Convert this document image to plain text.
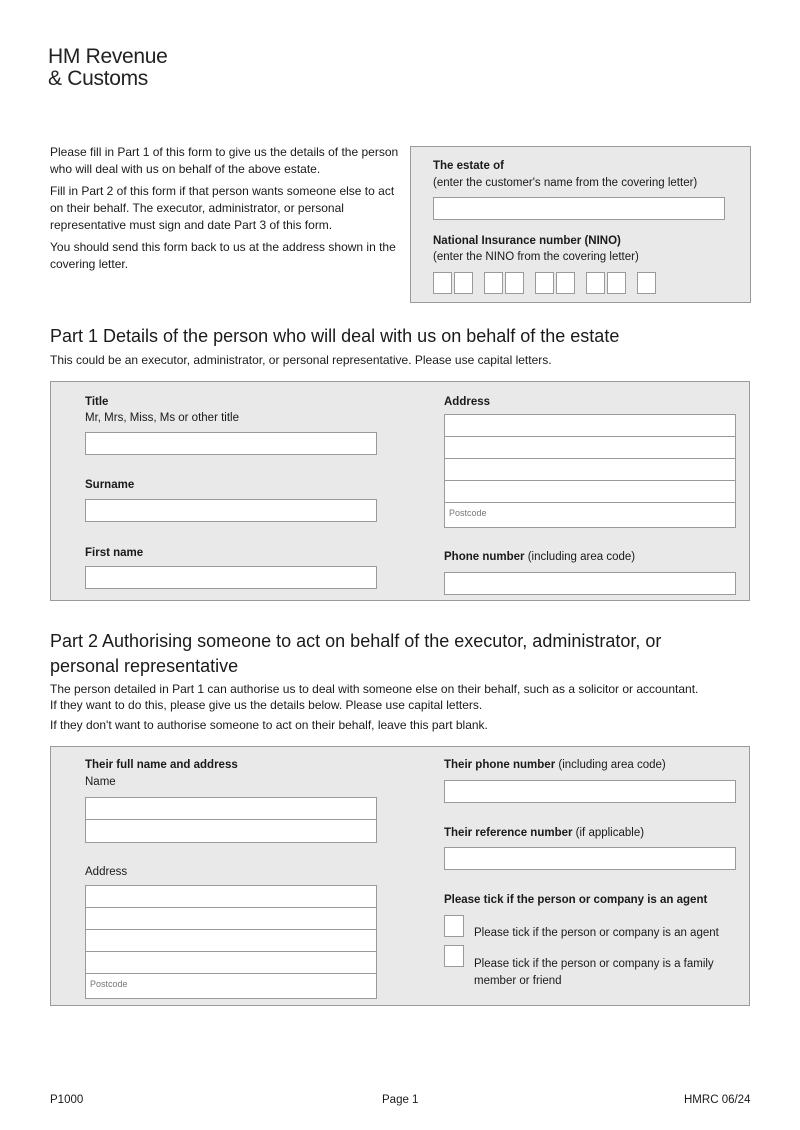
HM Revenue
& Customs

Please fill in Part 1 of this form to give us the details of the person who will deal with us on behalf of the above estate.

Fill in Part 2 of this form if that person wants someone else to act on their behalf. The executor, administrator, or personal representative must sign and date Part 3 of this form.

You should send this form back to us at the address shown in the covering letter.

The estate of
(enter the customer's name from the covering letter)
National Insurance number (NINO)
(enter the NINO from the covering letter)
Part 1 Details of the person who will deal with us on behalf of the estate
This could be an executor, administrator, or personal representative. Please use capital letters.
Title
Mr, Mrs, Miss, Ms or other title
Surname
First name
Address
Postcode
Phone number (including area code)
Part 2 Authorising someone to act on behalf of the executor, administrator, or
personal representative
The person detailed in Part 1 can authorise us to deal with someone else on their behalf, such as a solicitor or accountant.

If they want to do this, please give us the details below. Please use capital letters.

If they don't want to authorise someone to act on their behalf, leave this part blank.
Their full name and address
Name
Address
Postcode
Their phone number (including area code)
Their reference number (if applicable)
Please tick if the person or company is an agent
Please tick if the person or company is an agent
Please tick if the person or company is a family member or friend
P1000	Page 1	HMRC 06/24
